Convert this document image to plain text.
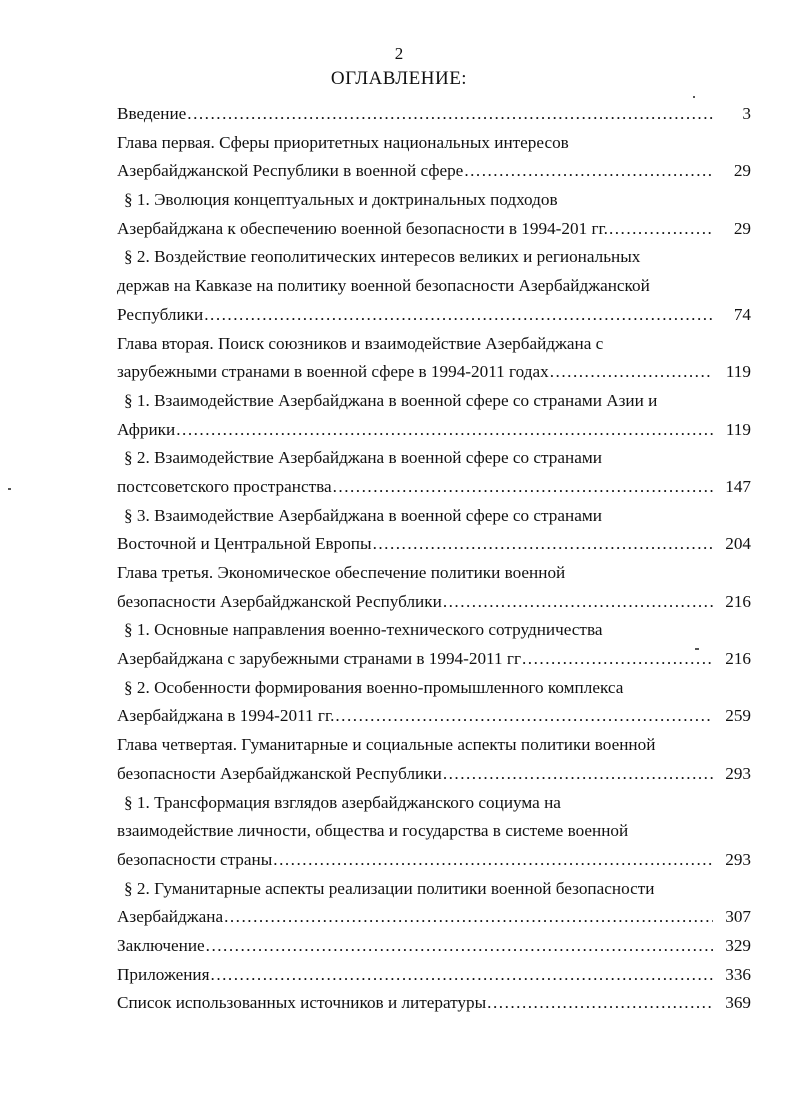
2
ОГЛАВЛЕНИЕ:
Введение .....	3
Глава первая. Сферы приоритетных национальных интересов
Азербайджанской Республики в военной сфере .....	29
§ 1. Эволюция концептуальных и доктринальных подходов
Азербайджана к обеспечению военной безопасности в 1994-201 гг. .....	29
§ 2. Воздействие геополитических интересов великих и региональных
держав на Кавказе на политику военной безопасности Азербайджанской
Республики .....	74
Глава вторая. Поиск союзников и взаимодействие Азербайджана с
зарубежными странами в военной сфере в 1994-2011 годах .....	119
§ 1. Взаимодействие Азербайджана в военной сфере со странами Азии и
Африки .....	119
§ 2. Взаимодействие Азербайджана в военной сфере со странами
постсоветского пространства .....	147
§ 3. Взаимодействие Азербайджана в военной сфере со странами
Восточной и Центральной Европы .....	204
Глава третья. Экономическое обеспечение политики военной
безопасности Азербайджанской Республики .....	216
§ 1. Основные направления военно-технического сотрудничества
Азербайджана с зарубежными странами в 1994-2011 гг .....	216
§ 2. Особенности формирования военно-промышленного комплекса
Азербайджана в 1994-2011 гг. .....	259
Глава четвертая. Гуманитарные и социальные аспекты политики военной
безопасности Азербайджанской Республики .....	293
§ 1. Трансформация взглядов азербайджанского социума на
взаимодействие личности, общества и государства в системе военной
безопасности страны .....	293
§ 2. Гуманитарные аспекты реализации политики военной безопасности
Азербайджана .....	307
Заключение .....	329
Приложения .....	336
Список использованных источников и литературы .....	369
